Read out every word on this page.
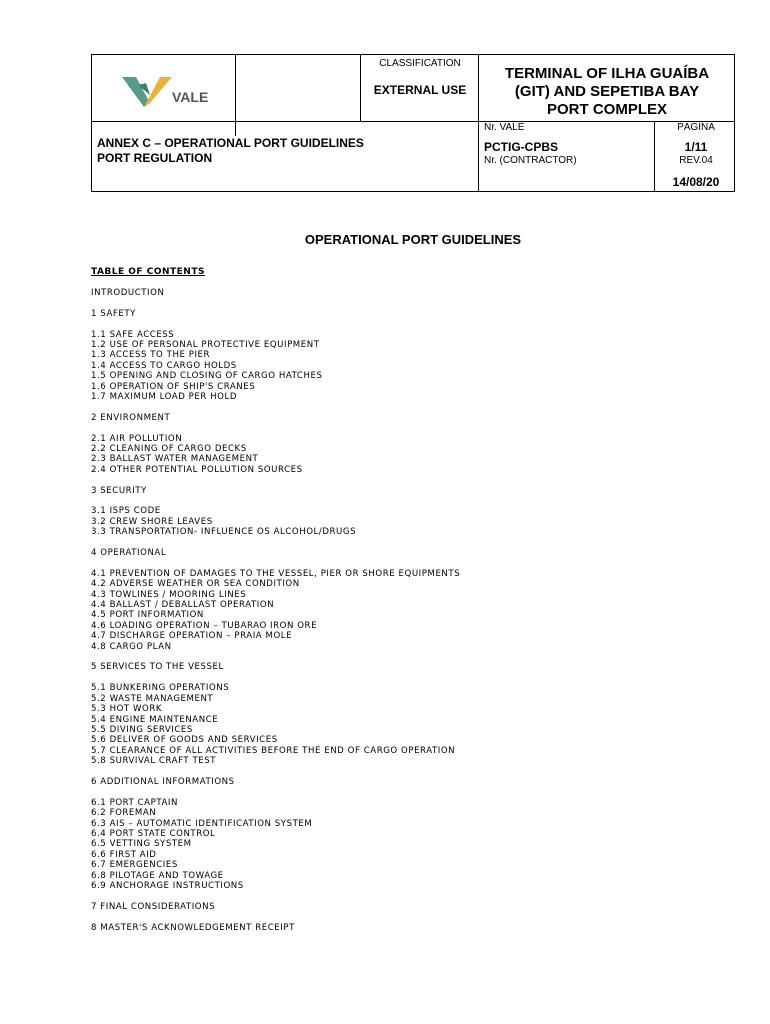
VALE
CLASSIFICATION
EXTERNAL USE
TERMINAL OF ILHA GUAÍBA
(GIT) AND SEPETIBA BAY
PORT COMPLEX
ANNEX C – OPERATIONAL PORT GUIDELINES
PORT REGULATION
Nr. VALE	PÁGINA
PCTIG-CPBS	1/11
Nr. (CONTRACTOR)	REV.04
14/08/20
OPERATIONAL PORT GUIDELINES
TABLE OF CONTENTS
INTRODUCTION
1 SAFETY
1.1 SAFE ACCESS
1.2 USE OF PERSONAL PROTECTIVE EQUIPMENT
1.3 ACCESS TO THE PIER
1.4 ACCESS TO CARGO HOLDS
1.5 OPENING AND CLOSING OF CARGO HATCHES
1.6 OPERATION OF SHIP'S CRANES
1.7 MAXIMUM LOAD PER HOLD
2 ENVIRONMENT
2.1 AIR POLLUTION
2.2 CLEANING OF CARGO DECKS
2.3 BALLAST WATER MANAGEMENT
2.4 OTHER POTENTIAL POLLUTION SOURCES
3 SECURITY
3.1 ISPS CODE
3.2 CREW SHORE LEAVES
3.3 TRANSPORTATION- INFLUENCE OS ALCOHOL/DRUGS
4 OPERATIONAL
4.1 PREVENTION OF DAMAGES TO THE VESSEL, PIER OR SHORE EQUIPMENTS
4.2 ADVERSE WEATHER OR SEA CONDITION
4.3 TOWLINES / MOORING LINES
4.4 BALLAST / DEBALLAST OPERATION
4.5 PORT INFORMATION
4.6 LOADING OPERATION – TUBARAO IRON ORE
4.7 DISCHARGE OPERATION – PRAIA MOLE
4.8 CARGO PLAN
5 SERVICES TO THE VESSEL
5.1 BUNKERING OPERATIONS
5.2 WASTE MANAGEMENT
5.3 HOT WORK
5.4 ENGINE MAINTENANCE
5.5 DIVING SERVICES
5.6 DELIVER OF GOODS AND SERVICES
5.7 CLEARANCE OF ALL ACTIVITIES BEFORE THE END OF CARGO OPERATION
5.8 SURVIVAL CRAFT TEST
6 ADDITIONAL INFORMATIONS
6.1 PORT CAPTAIN
6.2 FOREMAN
6.3 AIS – AUTOMATIC IDENTIFICATION SYSTEM
6.4 PORT STATE CONTROL
6.5 VETTING SYSTEM
6.6 FIRST AID
6.7 EMERGENCIES
6.8 PILOTAGE AND TOWAGE
6.9 ANCHORAGE INSTRUCTIONS
7 FINAL CONSIDERATIONS
8 MASTER'S ACKNOWLEDGEMENT RECEIPT
